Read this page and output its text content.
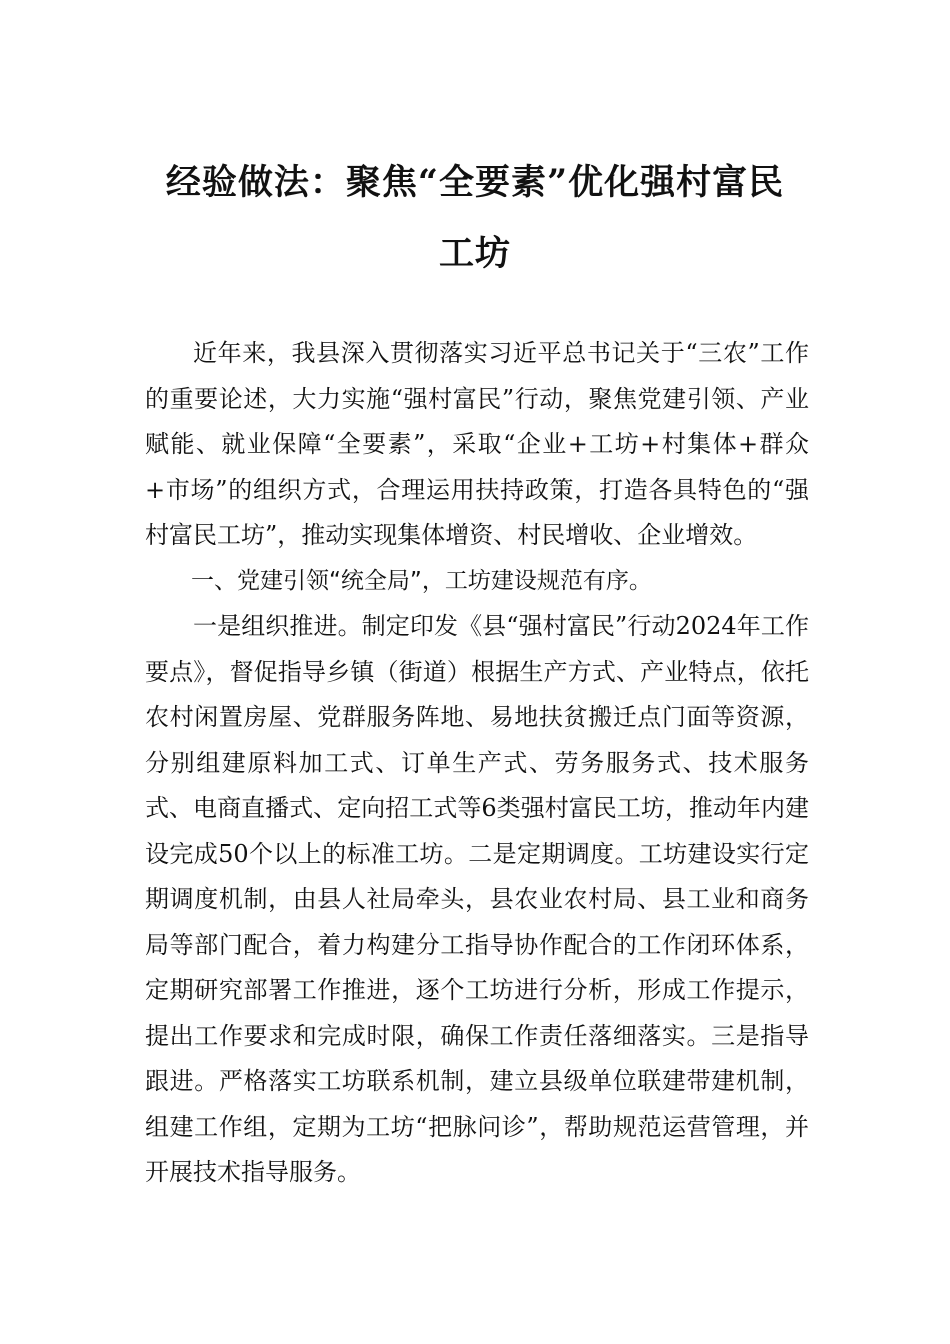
经验做法：聚焦“全要素”优化强村富民
工坊

近年来，我县深入贯彻落实习近平总书记关于“三农”工作的重要论述，大力实施“强村富民”行动，聚焦党建引领、产业赋能、就业保障“全要素”，采取“企业+工坊+村集体+群众+市场”的组织方式，合理运用扶持政策，打造各具特色的“强村富民工坊”，推动实现集体增资、村民增收、企业增效。

一、党建引领“统全局”，工坊建设规范有序。

一是组织推进。制定印发《县“强村富民”行动2024年工作要点》，督促指导乡镇（街道）根据生产方式、产业特点，依托农村闲置房屋、党群服务阵地、易地扶贫搬迁点门面等资源，分别组建原料加工式、订单生产式、劳务服务式、技术服务式、电商直播式、定向招工式等6类强村富民工坊，推动年内建设完成50个以上的标准工坊。二是定期调度。工坊建设实行定期调度机制，由县人社局牵头，县农业农村局、县工业和商务局等部门配合，着力构建分工指导协作配合的工作闭环体系，定期研究部署工作推进，逐个工坊进行分析，形成工作提示，提出工作要求和完成时限，确保工作责任落细落实。三是指导跟进。严格落实工坊联系机制，建立县级单位联建带建机制，组建工作组，定期为工坊“把脉问诊”，帮助规范运营管理，并开展技术指导服务。
